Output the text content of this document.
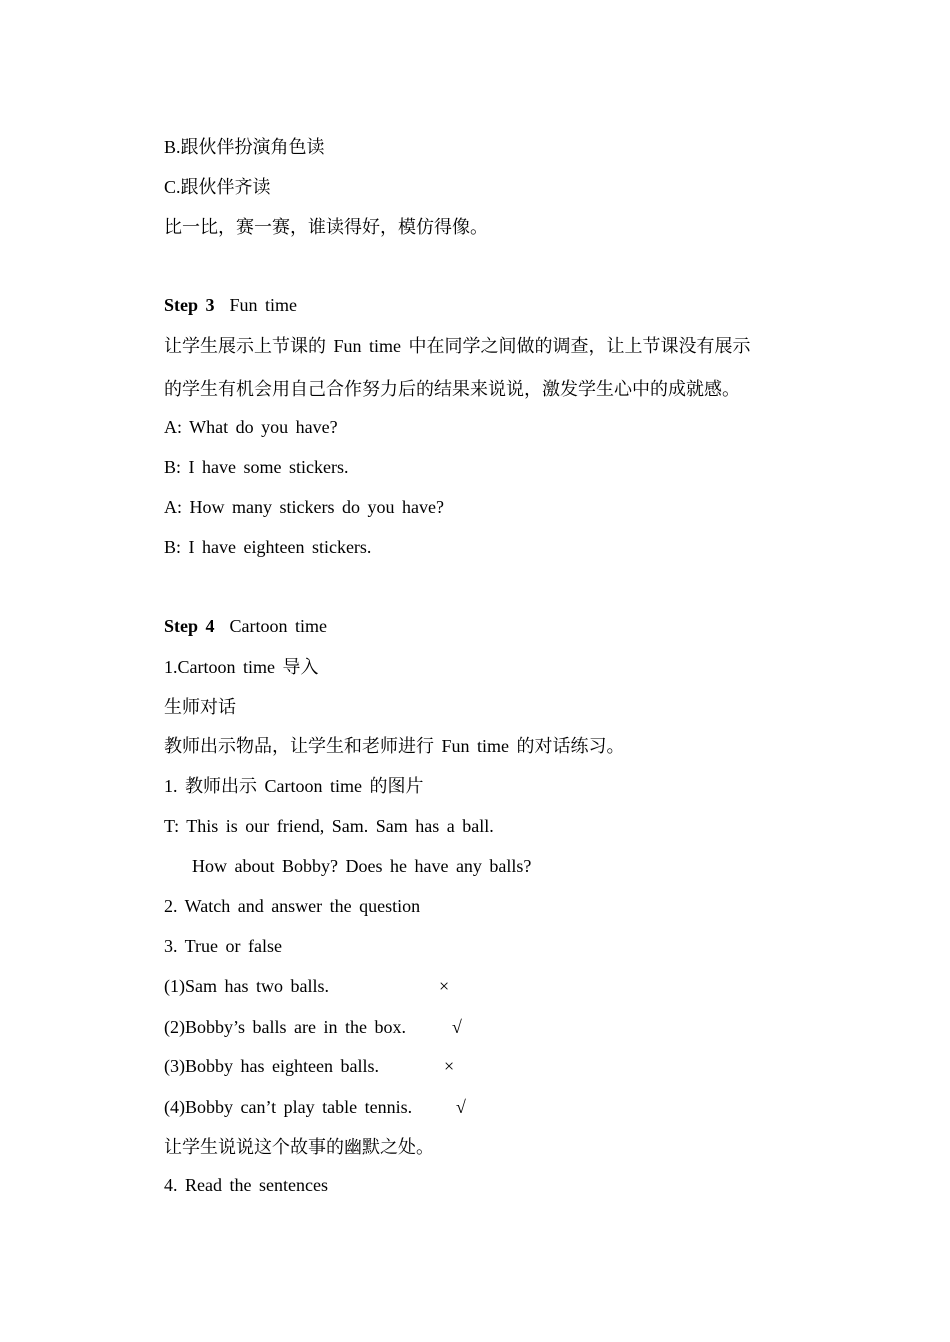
B.跟伙伴扮演角色读
C.跟伙伴齐读
比一比，赛一赛，谁读得好，模仿得像。
Step 3 Fun time
让学生展示上节课的 Fun time 中在同学之间做的调查，让上节课没有展示
的学生有机会用自己合作努力后的结果来说说，激发学生心中的成就感。
A: What do you have?
B: I have some stickers.
A: How many stickers do you have?
B: I have eighteen stickers.
Step 4 Cartoon time
1.Cartoon time 导入
生师对话
教师出示物品，让学生和老师进行 Fun time 的对话练习。
1. 教师出示 Cartoon time 的图片
T: This is our friend, Sam. Sam has a ball.
How about Bobby? Does he have any balls?
2. Watch and answer the question
3. True or false
(1)Sam has two balls.	×
(2)Bobby’s balls are in the box.	√
(3)Bobby has eighteen balls.	×
(4)Bobby can’t play table tennis. √
让学生说说这个故事的幽默之处。
4. Read the sentences
